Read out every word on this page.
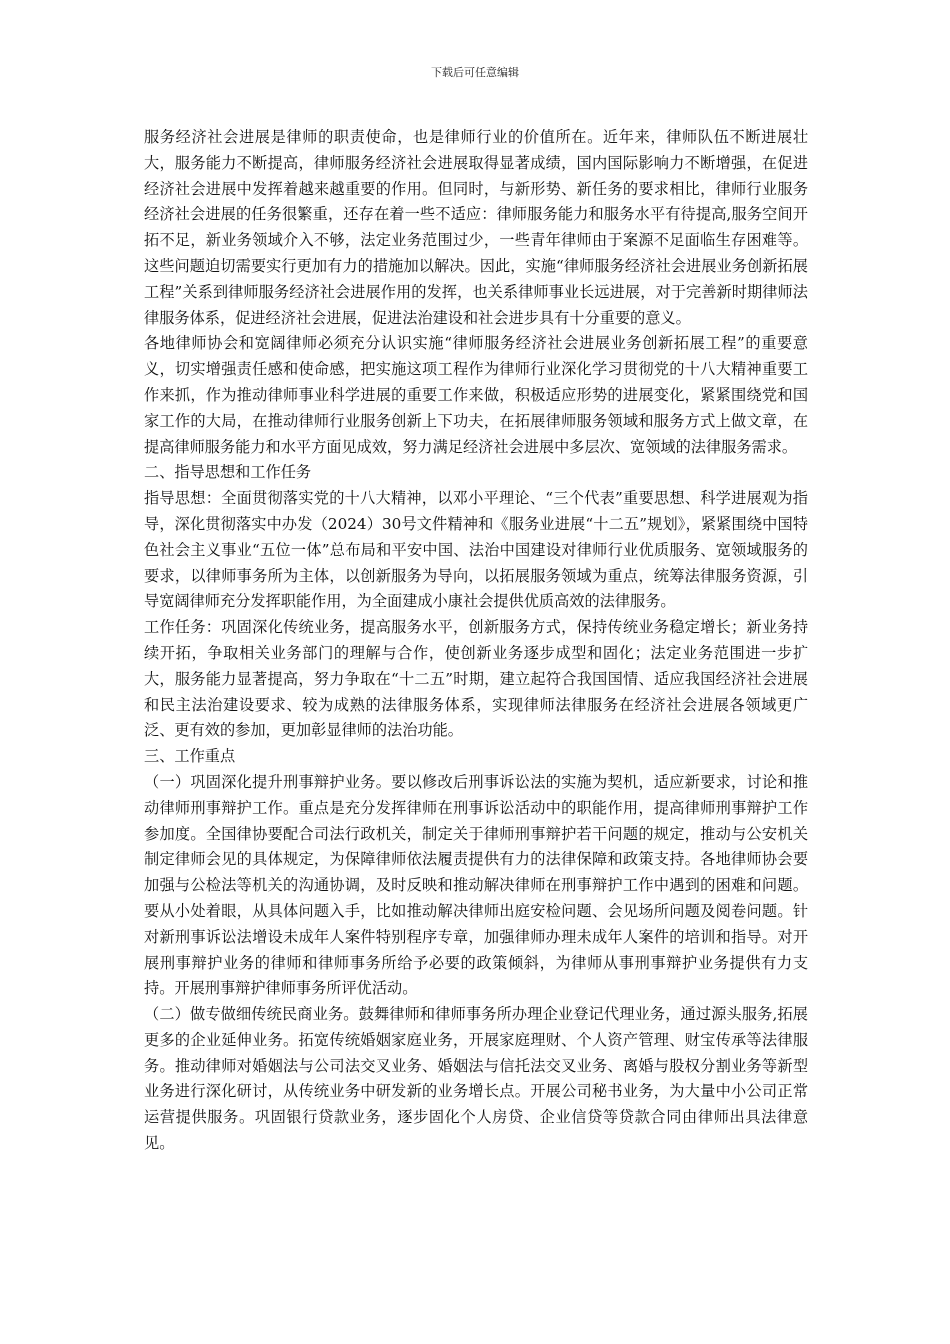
下载后可任意编辑

服务经济社会进展是律师的职责使命，也是律师行业的价值所在。近年来，律师队伍不断进展壮大，服务能力不断提高，律师服务经济社会进展取得显著成绩，国内国际影响力不断增强，在促进经济社会进展中发挥着越来越重要的作用。但同时，与新形势、新任务的要求相比，律师行业服务经济社会进展的任务很繁重，还存在着一些不适应：律师服务能力和服务水平有待提高,服务空间开拓不足，新业务领域介入不够，法定业务范围过少，一些青年律师由于案源不足面临生存困难等。这些问题迫切需要实行更加有力的措施加以解决。因此，实施“律师服务经济社会进展业务创新拓展工程”关系到律师服务经济社会进展作用的发挥，也关系律师事业长远进展，对于完善新时期律师法律服务体系，促进经济社会进展，促进法治建设和社会进步具有十分重要的意义。

各地律师协会和宽阔律师必须充分认识实施“律师服务经济社会进展业务创新拓展工程”的重要意义，切实增强责任感和使命感，把实施这项工程作为律师行业深化学习贯彻党的十八大精神重要工作来抓，作为推动律师事业科学进展的重要工作来做，积极适应形势的进展变化，紧紧围绕党和国家工作的大局，在推动律师行业服务创新上下功夫，在拓展律师服务领域和服务方式上做文章，在提高律师服务能力和水平方面见成效，努力满足经济社会进展中多层次、宽领域的法律服务需求。

二、指导思想和工作任务

指导思想：全面贯彻落实党的十八大精神，以邓小平理论、“三个代表”重要思想、科学进展观为指导，深化贯彻落实中办发（2024）30号文件精神和《服务业进展“十二五”规划》，紧紧围绕中国特色社会主义事业“五位一体”总布局和平安中国、法治中国建设对律师行业优质服务、宽领域服务的要求，以律师事务所为主体，以创新服务为导向，以拓展服务领域为重点，统筹法律服务资源，引导宽阔律师充分发挥职能作用，为全面建成小康社会提供优质高效的法律服务。

工作任务：巩固深化传统业务，提高服务水平，创新服务方式，保持传统业务稳定增长；新业务持续开拓，争取相关业务部门的理解与合作，使创新业务逐步成型和固化；法定业务范围进一步扩大，服务能力显著提高，努力争取在“十二五”时期，建立起符合我国国情、适应我国经济社会进展和民主法治建设要求、较为成熟的法律服务体系，实现律师法律服务在经济社会进展各领域更广泛、更有效的参加，更加彰显律师的法治功能。

三、工作重点

（一）巩固深化提升刑事辩护业务。要以修改后刑事诉讼法的实施为契机，适应新要求，讨论和推动律师刑事辩护工作。重点是充分发挥律师在刑事诉讼活动中的职能作用，提高律师刑事辩护工作参加度。全国律协要配合司法行政机关，制定关于律师刑事辩护若干问题的规定，推动与公安机关制定律师会见的具体规定，为保障律师依法履责提供有力的法律保障和政策支持。各地律师协会要加强与公检法等机关的沟通协调，及时反映和推动解决律师在刑事辩护工作中遇到的困难和问题。要从小处着眼，从具体问题入手，比如推动解决律师出庭安检问题、会见场所问题及阅卷问题。针对新刑事诉讼法增设未成年人案件特别程序专章，加强律师办理未成年人案件的培训和指导。对开展刑事辩护业务的律师和律师事务所给予必要的政策倾斜，为律师从事刑事辩护业务提供有力支持。开展刑事辩护律师事务所评优活动。

（二）做专做细传统民商业务。鼓舞律师和律师事务所办理企业登记代理业务，通过源头服务,拓展更多的企业延伸业务。拓宽传统婚姻家庭业务，开展家庭理财、个人资产管理、财宝传承等法律服务。推动律师对婚姻法与公司法交叉业务、婚姻法与信托法交叉业务、离婚与股权分割业务等新型业务进行深化研讨，从传统业务中研发新的业务增长点。开展公司秘书业务，为大量中小公司正常运营提供服务。巩固银行贷款业务，逐步固化个人房贷、企业信贷等贷款合同由律师出具法律意见。
